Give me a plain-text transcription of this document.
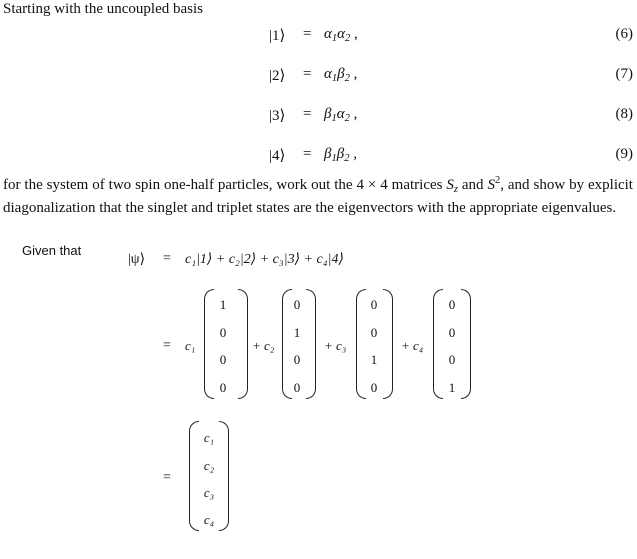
Starting with the uncoupled basis
|1⟩ = $\alpha_1\alpha_2$ ,	(6)
|2⟩ = $\alpha_1\beta_2$ ,	(7)
|3⟩ = $\beta_1\alpha_2$ ,	(8)
|4⟩ = $\beta_1\beta_2$ ,	(9)
for the system of two spin one-half particles, work out the 4 × 4 matrices $S_z$ and $S^2$, and show by explicit diagonalization that the singlet and triplet states are the eigenvectors with the appropriate eigenvalues.
Given that
|ψ⟩ = c₁|1⟩ + c₂|2⟩ + c₃|3⟩ + c₄|4⟩
= c₁
1
0
0
0
+ c₂
0
1
0
0
+ c₃
0
0
1
0
+ c₄
0
0
0
1
=
c₁
c₂
c₃
c₄
